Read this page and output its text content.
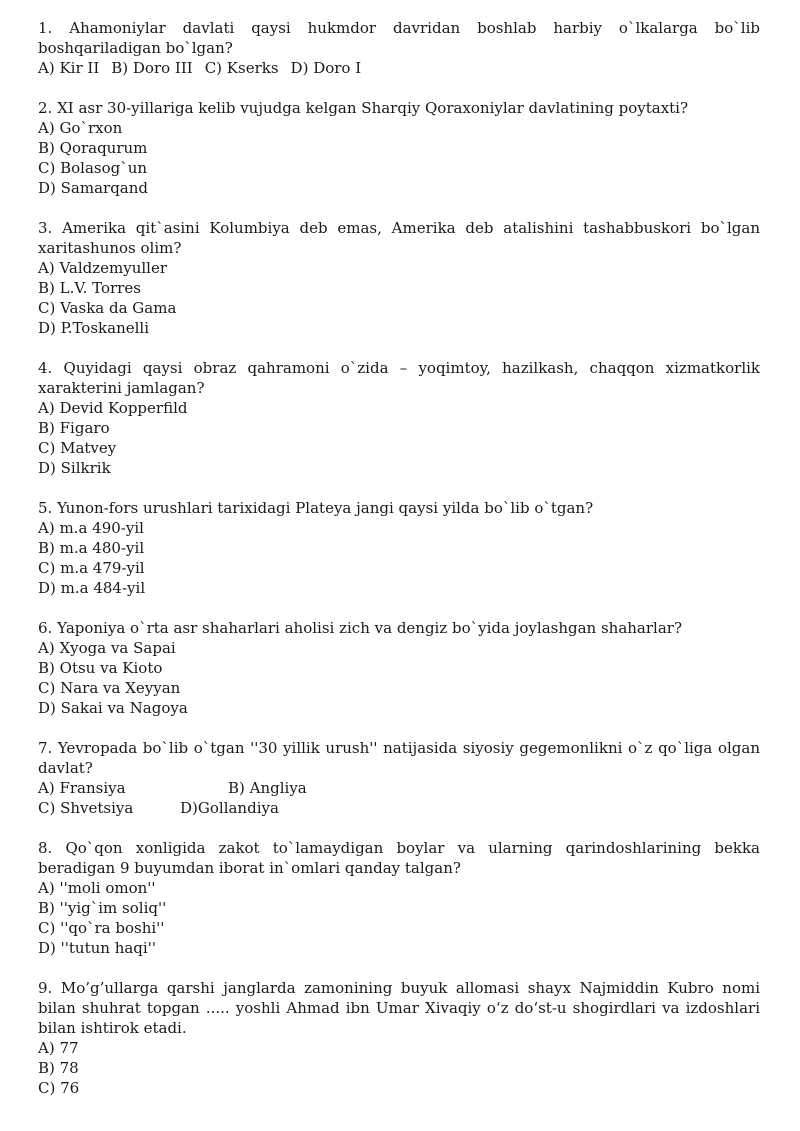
1. Ahamoniylar davlati qaysi hukmdor davridan boshlab harbiy o`lkalarga bo`lib boshqariladigan bo`lgan?

A) Kir II B) Doro III C) Kserks D) Doro I

2. XI asr 30-yillariga kelib vujudga kelgan Sharqiy Qoraxoniylar davlatining poytaxti?

A) Go`rxon

B) Qoraqurum

C) Bolasog`un

D) Samarqand

3. Amerika qit`asini Kolumbiya deb emas, Amerika deb atalishini tashabbuskori bo`lgan xaritashunos olim?

A) Valdzemyuller

B) L.V. Torres

C) Vaska da Gama

D) P.Toskanelli

4. Quyidagi qaysi obraz qahramoni o`zida – yoqimtoy, hazilkash, chaqqon xizmatkorlik xarakterini jamlagan?

A) Devid Kopperfild

B) Figaro

C) Matvey

D) Silkrik

5. Yunon-fors urushlari tarixidagi Plateya jangi qaysi yilda bo`lib o`tgan?

A) m.a 490-yil

B) m.a 480-yil

C) m.a 479-yil

D) m.a 484-yil

6. Yaponiya o`rta asr shaharlari aholisi zich va dengiz bo`yida joylashgan shaharlar?

A) Xyoga va Sapai

B) Otsu va Kioto

C) Nara va Xeyyan

D) Sakai va Nagoya

7. Yevropada bo`lib o`tgan ''30 yillik urush'' natijasida siyosiy gegemonlikni o`z qo`liga olgan davlat?

A) Fransiya	B) Angliya

C) Shvetsiya	D)Gollandiya

8. Qo`qon xonligida zakot to`lamaydigan boylar va ularning qarindoshlarining bekka beradigan 9 buyumdan iborat in`omlari qanday talgan?

A) ''moli omon''

B) ''yig`im soliq''

C) ''qo`ra boshi''

D) ''tutun haqi''

9. Mo’g’ullarga qarshi janglarda zamonining buyuk allomasi shayx Najmiddin Kubro nomi bilan shuhrat topgan ..... yoshli Ahmad ibn Umar Xivaqiy o‘z do‘st-u shogirdlari va izdoshlari bilan ishtirok etadi.

A) 77

B) 78

C) 76
